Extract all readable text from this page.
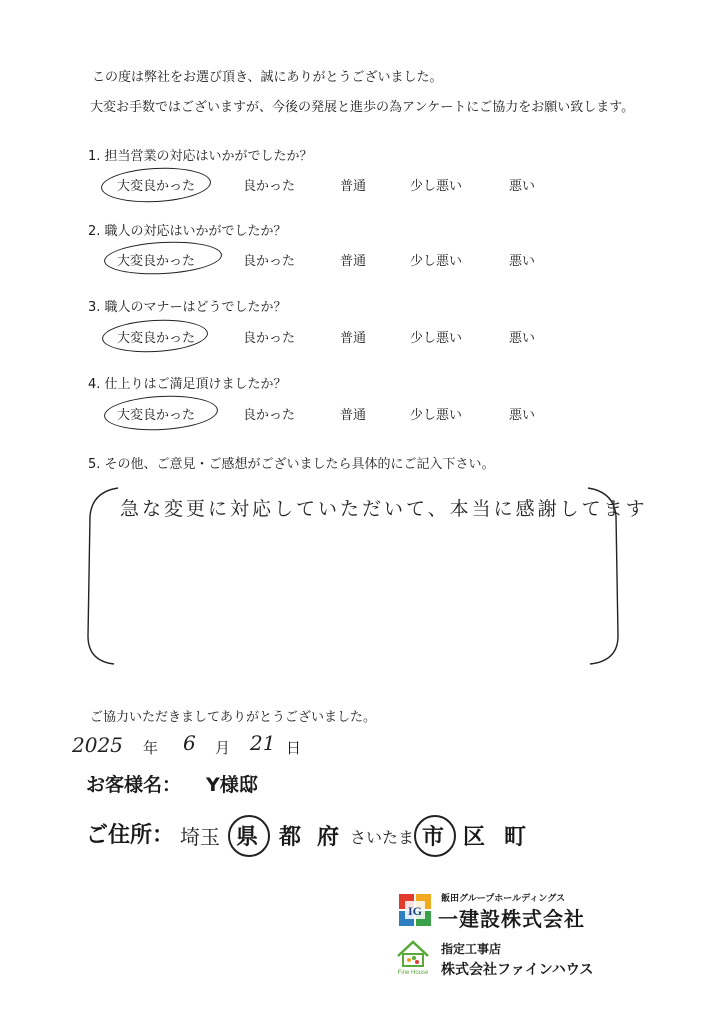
この度は弊社をお選び頂き、誠にありがとうございました。
大変お手数ではございますが、今後の発展と進歩の為アンケートにご協力をお願い致します。
1. 担当営業の対応はいかがでしたか？
大変良かった	良かった	普通	少し悪い	悪い
2. 職人の対応はいかがでしたか？
大変良かった	良かった	普通	少し悪い	悪い
3. 職人のマナーはどうでしたか？
大変良かった	良かった	普通	少し悪い	悪い
4. 仕上りはご満足頂けましたか？
大変良かった	良かった	普通	少し悪い	悪い
5. その他、ご意見・ご感想がございましたら具体的にご記入下さい。
急な変更に対応していただいて、本当に感謝してます
ご協力いただきましてありがとうございました。
2025 年 6 月 21 日
お客様名： Y様邸
ご住所： 埼玉 県 都 府 さいたま 市 区 町
IG
飯田グループホールディングス
一建設株式会社
Fine House
指定工事店
株式会社ファインハウス
